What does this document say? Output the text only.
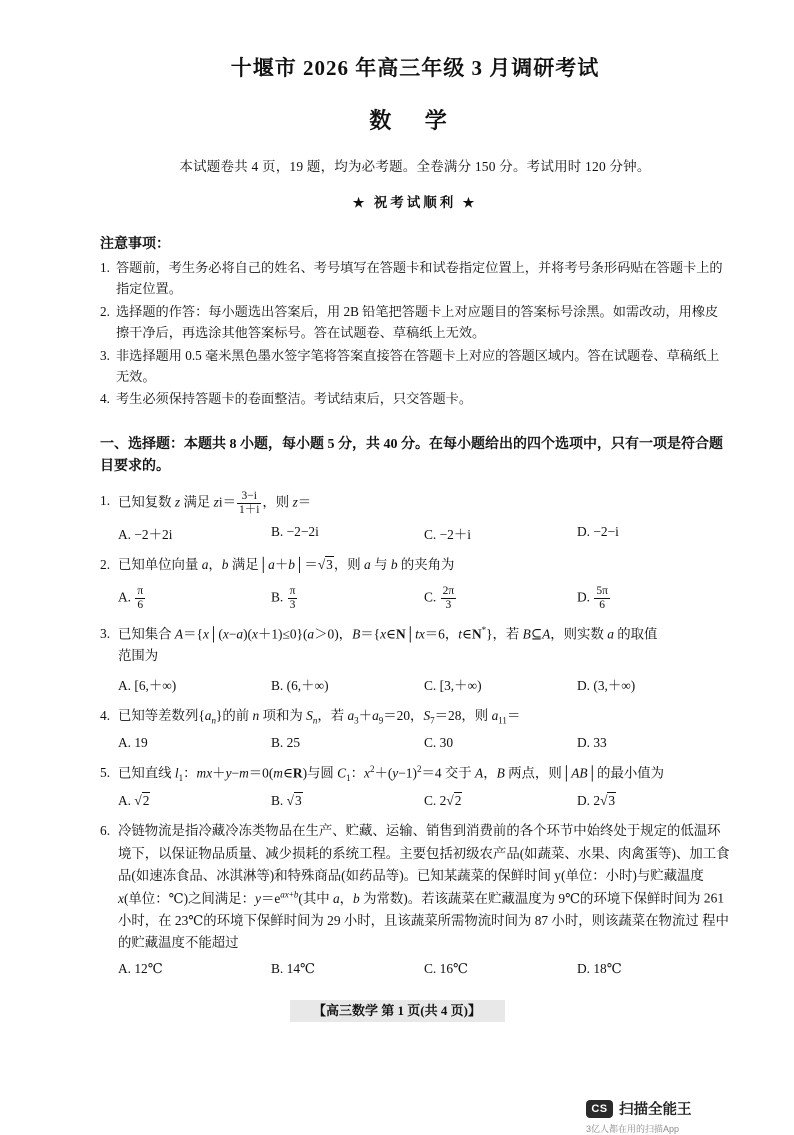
十堰市 2026 年高三年级 3 月调研考试
数 学
本试题卷共 4 页，19 题，均为必考题。全卷满分 150 分。考试用时 120 分钟。
★ 祝考试顺利 ★
注意事项：
1. 答题前，考生务必将自己的姓名、考号填写在答题卡和试卷指定位置上，并将考号条形码贴在答题卡上的指定位置。
2. 选择题的作答：每小题选出答案后，用 2B 铅笔把答题卡上对应题目的答案标号涂黑。如需改动，用橡皮擦干净后，再选涂其他答案标号。答在试题卷、草稿纸上无效。
3. 非选择题用 0.5 毫米黑色墨水签字笔将答案直接答在答题卡上对应的答题区域内。答在试题卷、草稿纸上无效。
4. 考生必须保持答题卡的卷面整洁。考试结束后，只交答题卡。
一、选择题：本题共 8 小题，每小题 5 分，共 40 分。在每小题给出的四个选项中，只有一项是符合题目要求的。
1. 已知复数 z 满足 $zi= \frac{3-i}{1+i}$ ，则 z＝
A. −2＋2i	B. −2−2i	C. −2＋i	D. −2−i
2. 已知单位向量 a，b 满足│a＋b│＝√3，则 a 与 b 的夹角为
A. $\frac{\pi}{6}$	B. $\frac{\pi}{3}$	C. $\frac{2\pi}{3}$	D. $\frac{5\pi}{6}$
3. 已知集合 A＝{x│(x−a)(x＋1)≤0}(a＞0)，B＝{x∈N│tx＝6，t∈N*}，若 B⊆A，则实数 a 的取值
范围为
A. [6,＋∞)	B. (6,＋∞)	C. [3,＋∞)	D. (3,＋∞)
4. 已知等差数列$\{a_n\}$的前 n 项和为 $S_n$，若 $a_3+a_9=20$，$S_7=28$，则 $a_{11}=$
A. 19	B. 25	C. 30	D. 33
5. 已知直线 $l_1$：mx＋y−m＝0(m∈R)与圆 $C_1$：$x^2+(y-1)^2=4$ 交于 A，B 两点，则│AB│的最小值为
A. √2	B. √3	C. 2√2	D. 2√3
6. 冷链物流是指冷藏冷冻类物品在生产、贮藏、运输、销售到消费前的各个环节中始终处于规定的低温环 境下，以保证物品质量、减少损耗的系统工程。主要包括初级农产品(如蔬菜、水果、肉禽蛋等)、加工食 品(如速冻食品、冰淇淋等)和特殊商品(如药品等)。已知某蔬菜的保鲜时间 y(单位：小时)与贮藏温度 x(单位：℃)之间满足：$y=e^{ax+b}$(其中 a，b 为常数)。若该蔬菜在贮藏温度为 9℃的环境下保鲜时间为 261 小时，在 23℃的环境下保鲜时间为 29 小时，且该蔬菜所需物流时间为 87 小时，则该蔬菜在物流过 程中的贮藏温度不能超过
A. 12℃	B. 14℃	C. 16℃	D. 18℃
【高三数学 第 1 页(共 4 页)】
CS 扫描全能王
3亿人都在用的扫描App
